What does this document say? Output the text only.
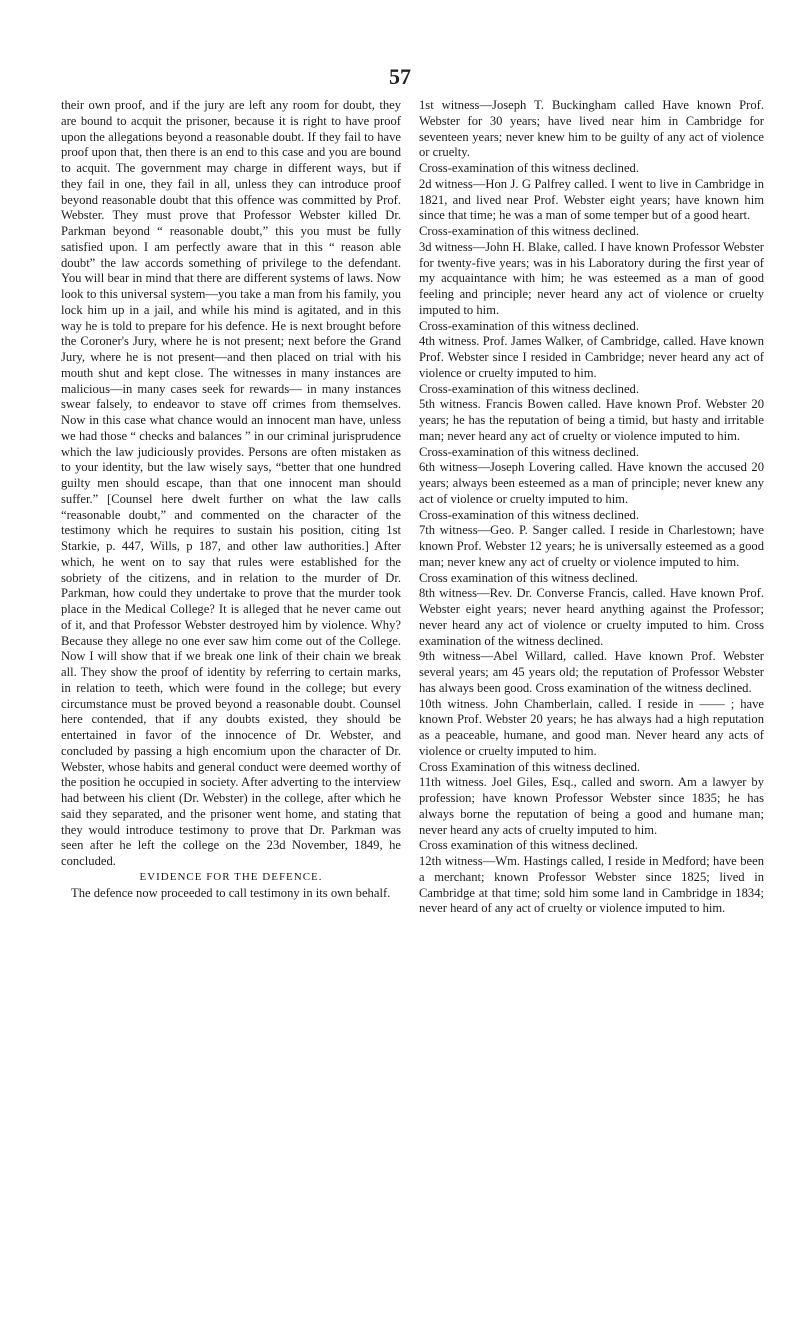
57

their own proof, and if the jury are left any room for doubt, they are bound to acquit the prisoner, because it is right to have proof upon the allegations beyond a reasonable doubt. If they fail to have proof upon that, then there is an end to this case and you are bound to acquit. The government may charge in different ways, but if they fail in one, they fail in all, unless they can introduce proof beyond reasonable doubt that this offence was committed by Prof. Webster. They must prove that Professor Webster killed Dr. Parkman beyond “ reasonable doubt,” this you must be fully satisfied upon. I am perfectly aware that in this “ reason able doubt” the law accords something of privilege to the defendant. You will bear in mind that there are different systems of laws. Now look to this universal system—you take a man from his family, you lock him up in a jail, and while his mind is agitated, and in this way he is told to prepare for his defence. He is next brought before the Coroner's Jury, where he is not present; next before the Grand Jury, where he is not present—and then placed on trial with his mouth shut and kept close. The witnesses in many instances are malicious—in many cases seek for rewards— in many instances swear falsely, to endeavor to stave off crimes from themselves. Now in this case what chance would an innocent man have, unless we had those “ checks and balances ” in our criminal jurisprudence which the law judiciously provides. Persons are often mistaken as to your identity, but the law wisely says, “better that one hundred guilty men should escape, than that one innocent man should suffer.” [Counsel here dwelt further on what the law calls “reasonable doubt,” and commented on the character of the testimony which he requires to sustain his position, citing 1st Starkie, p. 447, Wills, p 187, and other law authorities.] After which, he went on to say that rules were established for the sobriety of the citizens, and in relation to the murder of Dr. Parkman, how could they undertake to prove that the murder took place in the Medical College? It is alleged that he never came out of it, and that Professor Webster destroyed him by violence. Why? Because they allege no one ever saw him come out of the College. Now I will show that if we break one link of their chain we break all. They show the proof of identity by referring to certain marks, in relation to teeth, which were found in the college; but every circumstance must be proved beyond a reasonable doubt. Counsel here contended, that if any doubts existed, they should be entertained in favor of the innocence of Dr. Webster, and concluded by passing a high encomium upon the character of Dr. Webster, whose habits and general conduct were deemed worthy of the position he occupied in society. After adverting to the interview had between his client (Dr. Webster) in the college, after which he said they separated, and the prisoner went home, and stating that they would introduce testimony to prove that Dr. Parkman was seen after he left the college on the 23d November, 1849, he concluded.

EVIDENCE FOR THE DEFENCE.

The defence now proceeded to call testimony in its own behalf.

1st witness—Joseph T. Buckingham called Have known Prof. Webster for 30 years; have lived near him in Cambridge for seventeen years; never knew him to be guilty of any act of violence or cruelty.

Cross-examination of this witness declined.

2d witness—Hon J. G Palfrey called. I went to live in Cambridge in 1821, and lived near Prof. Webster eight years; have known him since that time; he was a man of some temper but of a good heart.

Cross-examination of this witness declined.

3d witness—John H. Blake, called. I have known Professor Webster for twenty-five years; was in his Laboratory during the first year of my acquaintance with him; he was esteemed as a man of good feeling and principle; never heard any act of violence or cruelty imputed to him.

Cross-examination of this witness declined.

4th witness. Prof. James Walker, of Cambridge, called. Have known Prof. Webster since I resided in Cambridge; never heard any act of violence or cruelty imputed to him.

Cross-examination of this witness declined.

5th witness. Francis Bowen called. Have known Prof. Webster 20 years; he has the reputation of being a timid, but hasty and irritable man; never heard any act of cruelty or violence imputed to him.

Cross-examination of this witness declined.

6th witness—Joseph Lovering called. Have known the accused 20 years; always been esteemed as a man of principle; never knew any act of violence or cruelty imputed to him.

Cross-examination of this witness declined.

7th witness—Geo. P. Sanger called. I reside in Charlestown; have known Prof. Webster 12 years; he is universally esteemed as a good man; never knew any act of cruelty or violence imputed to him.

Cross examination of this witness declined.

8th witness—Rev. Dr. Converse Francis, called. Have known Prof. Webster eight years; never heard anything against the Professor; never heard any act of violence or cruelty imputed to him. Cross examination of the witness declined.

9th witness—Abel Willard, called. Have known Prof. Webster several years; am 45 years old; the reputation of Professor Webster has always been good. Cross examination of the witness declined.

10th witness. John Chamberlain, called. I reside in —— ; have known Prof. Webster 20 years; he has always had a high reputation as a peaceable, humane, and good man. Never heard any acts of violence or cruelty imputed to him.

Cross Examination of this witness declined.

11th witness. Joel Giles, Esq., called and sworn. Am a lawyer by profession; have known Professor Webster since 1835; he has always borne the reputation of being a good and humane man; never heard any acts of cruelty imputed to him.

Cross examination of this witness declined.

12th witness—Wm. Hastings called, I reside in Medford; have been a merchant; known Professor Webster since 1825; lived in Cambridge at that time; sold him some land in Cambridge in 1834; never heard of any act of cruelty or violence imputed to him.
